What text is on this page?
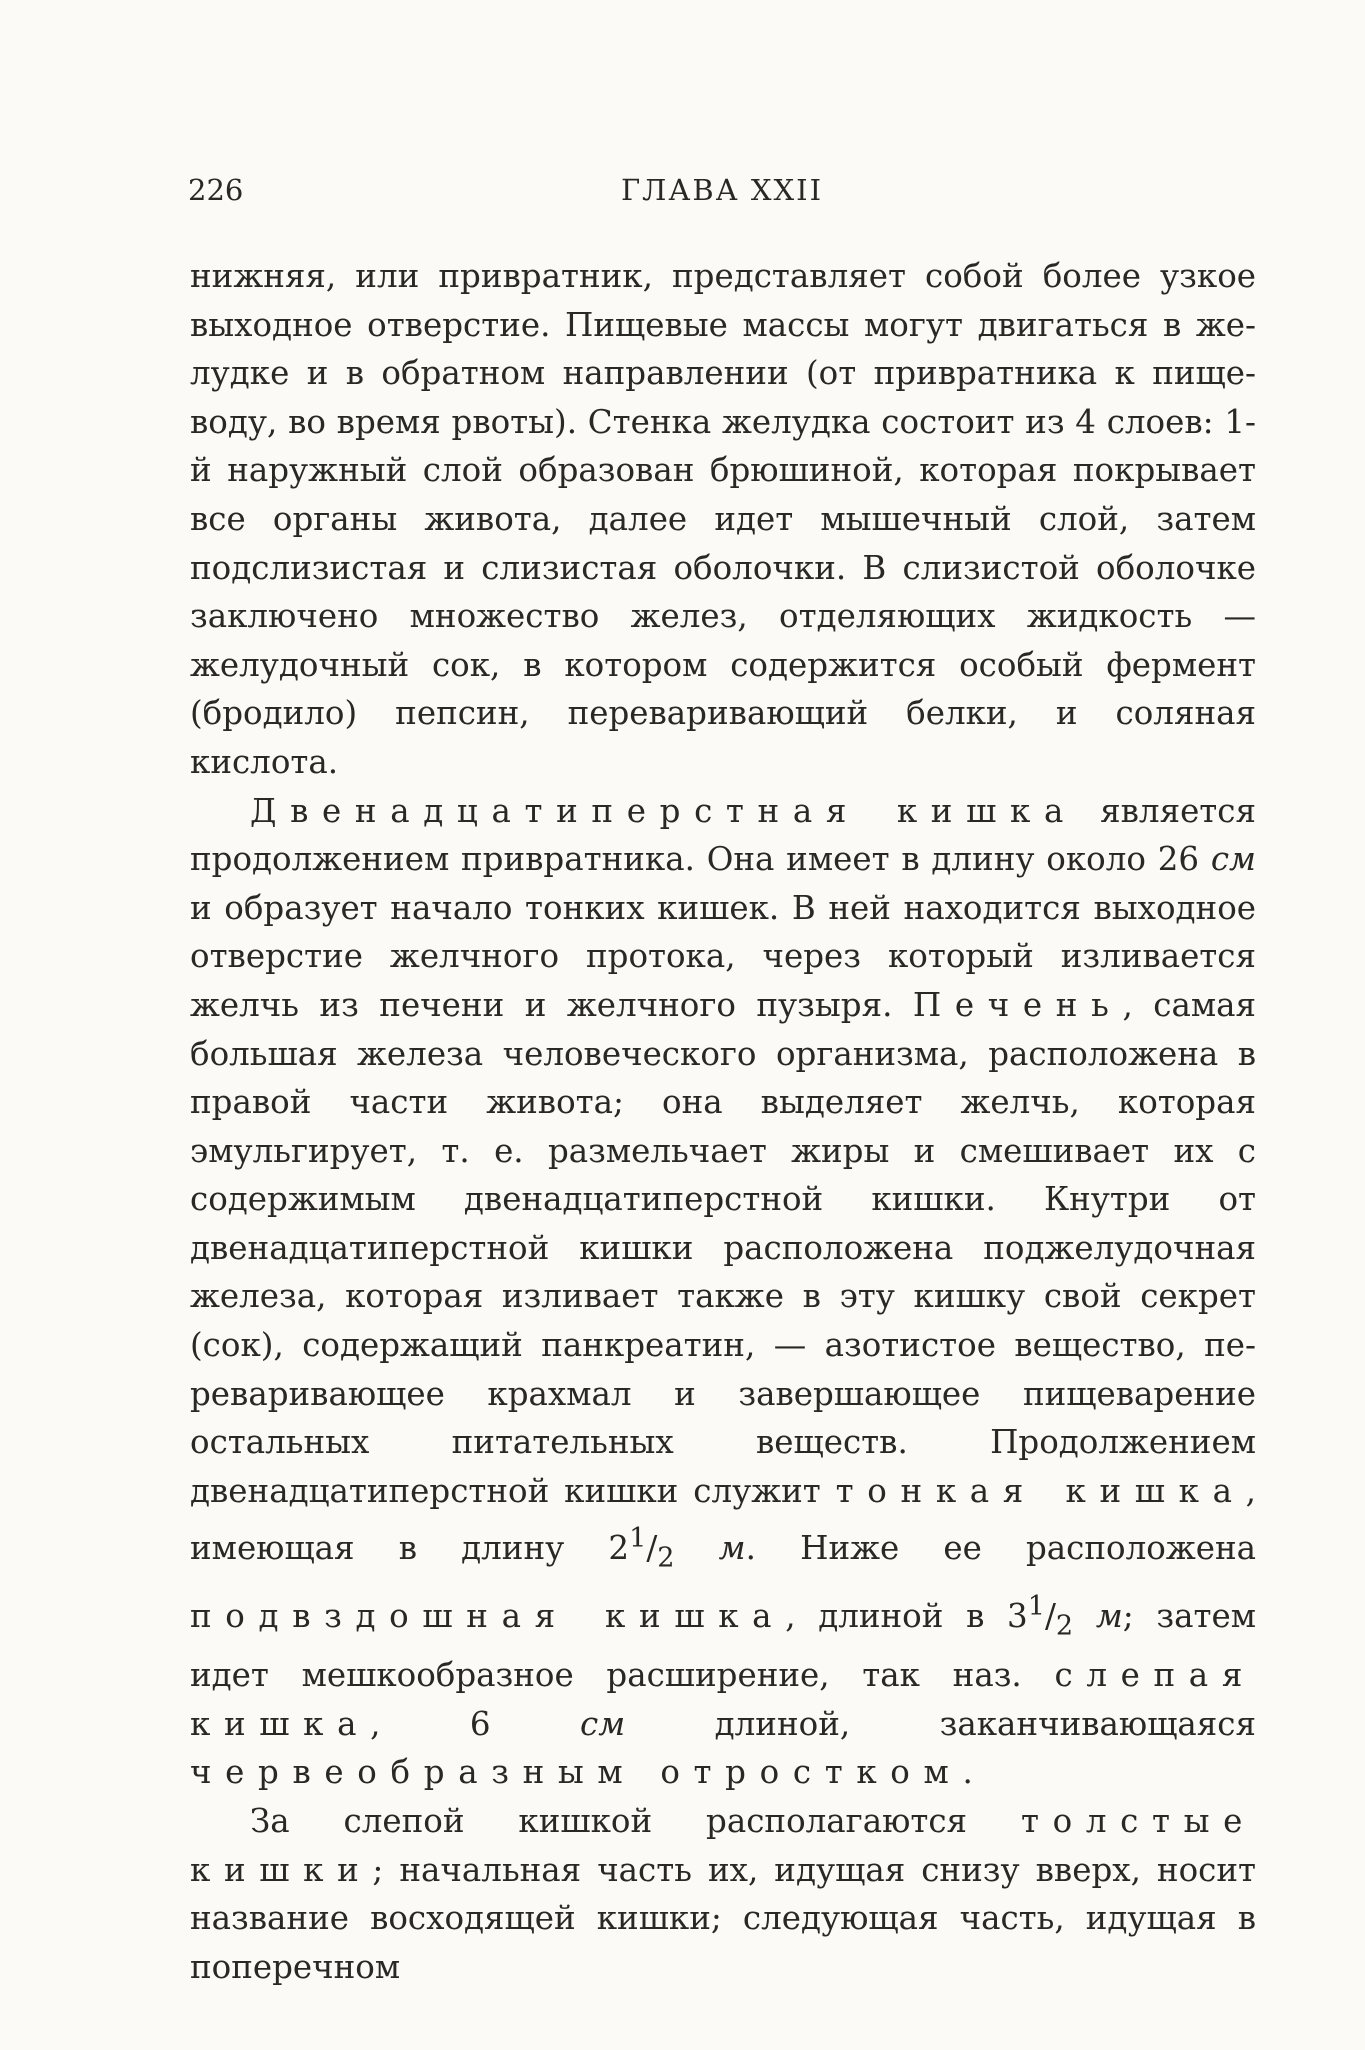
226	ГЛАВА XXII

нижняя, или привратник, представляет собой более узкое выходное отверстие. Пищевые массы могут двигаться в желудке и в обратном направлении (от привратника к пищеводу, во время рвоты). Стенка желудка состоит из 4 слоев: 1-й наружный слой образован брюшиной, которая покрывает все органы живота, далее идет мышечный слой, затем подслизистая и слизистая оболочки. В слизистой оболочке заключено множество желез, отделяющих жидкость — желудочный сок, в котором содержится особый фермент (бродило) пепсин, переваривающий белки, и соляная кислота.

Двенадцатиперстная кишка является продолжением привратника. Она имеет в длину около 26 см и образует начало тонких кишек. В ней находится выходное отверстие желчного протока, через который изливается желчь из печени и желчного пузыря. Печень, самая большая железа человеческого организма, расположена в правой части живота; она выделяет желчь, которая эмульгирует, т. е. размельчает жиры и смешивает их с содержимым двенадцатиперстной кишки. Кнутри от двенадцатиперстной кишки расположена поджелудочная железа, которая изливает также в эту кишку свой секрет (сок), содержащий панкреатин, — азотистое вещество, переваривающее крахмал и завершающее пищеварение остальных питательных веществ. Продолжением двенадцатиперстной кишки служит тонкая кишка, имеющая в длину $2^1/_2$ м. Ниже ее расположена подвздошная кишка, длиной в $3^1/_2$ м; затем идет мешкообразное расширение, так наз. слепая кишка, 6 см длиной, заканчивающаяся червеобразным отростком.

За слепой кишкой располагаются толстые кишки; начальная часть их, идущая снизу вверх, носит название восходящей кишки; следующая часть, идущая в поперечном
